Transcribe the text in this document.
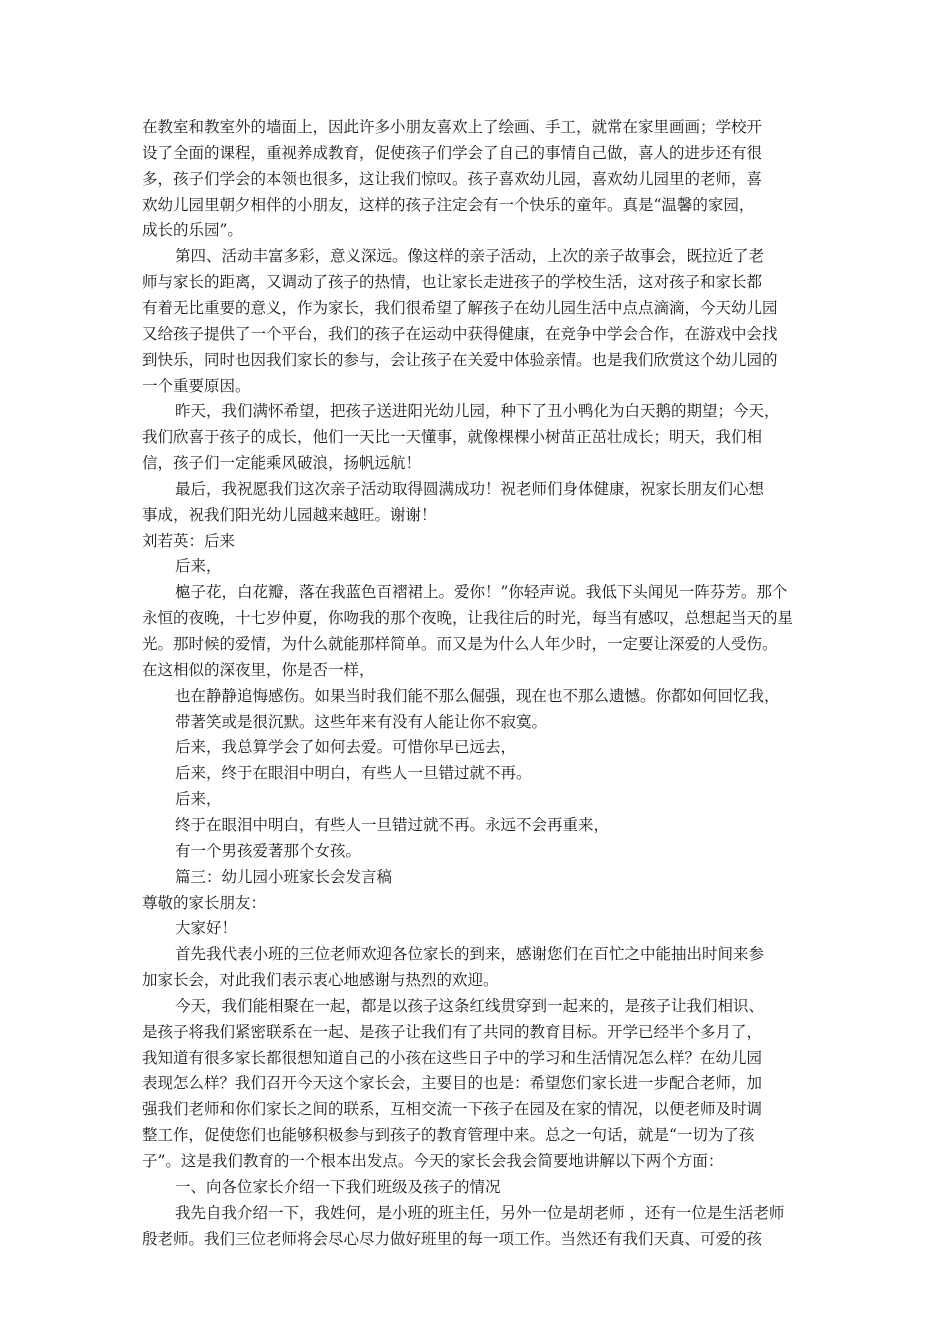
在教室和教室外的墙面上，因此许多小朋友喜欢上了绘画、手工，就常在家里画画；学校开
设了全面的课程，重视养成教育，促使孩子们学会了自己的事情自己做，喜人的进步还有很
多，孩子们学会的本领也很多，这让我们惊叹。孩子喜欢幼儿园，喜欢幼儿园里的老师，喜
欢幼儿园里朝夕相伴的小朋友，这样的孩子注定会有一个快乐的童年。真是“温馨的家园，
成长的乐园”。
第四、活动丰富多彩，意义深远。像这样的亲子活动，上次的亲子故事会，既拉近了老
师与家长的距离，又调动了孩子的热情，也让家长走进孩子的学校生活，这对孩子和家长都
有着无比重要的意义，作为家长，我们很希望了解孩子在幼儿园生活中点点滴滴，今天幼儿园
又给孩子提供了一个平台，我们的孩子在运动中获得健康，在竞争中学会合作，在游戏中会找
到快乐，同时也因我们家长的参与，会让孩子在关爱中体验亲情。也是我们欣赏这个幼儿园的
一个重要原因。
昨天，我们满怀希望，把孩子送进阳光幼儿园，种下了丑小鸭化为白天鹅的期望；今天，
我们欣喜于孩子的成长，他们一天比一天懂事，就像棵棵小树苗正茁壮成长；明天，我们相
信，孩子们一定能乘风破浪，扬帆远航！
最后，我祝愿我们这次亲子活动取得圆满成功！祝老师们身体健康，祝家长朋友们心想
事成，祝我们阳光幼儿园越来越旺。谢谢！
刘若英：后来
后来，
槴子花，白花瓣，落在我蓝色百褶裙上。爱你！”你轻声说。我低下头闻见一阵芬芳。那个
永恒的夜晚，十七岁仲夏，你吻我的那个夜晚，让我往后的时光，每当有感叹，总想起当天的星
光。那时候的爱情，为什么就能那样简单。而又是为什么人年少时，一定要让深爱的人受伤。
在这相似的深夜里，你是否一样，
也在静静追悔感伤。如果当时我们能不那么倔强，现在也不那么遗憾。你都如何回忆我，
带著笑或是很沉默。这些年来有没有人能让你不寂寞。
后来，我总算学会了如何去爱。可惜你早已远去，
后来，终于在眼泪中明白，有些人一旦错过就不再。
后来，
终于在眼泪中明白，有些人一旦错过就不再。永远不会再重来，
有一个男孩爱著那个女孩。
篇三：幼儿园小班家长会发言稿
尊敬的家长朋友：
大家好！
首先我代表小班的三位老师欢迎各位家长的到来，感谢您们在百忙之中能抽出时间来参
加家长会，对此我们表示衷心地感谢与热烈的欢迎。
今天，我们能相聚在一起，都是以孩子这条红线贯穿到一起来的，是孩子让我们相识、
是孩子将我们紧密联系在一起、是孩子让我们有了共同的教育目标。开学已经半个多月了，
我知道有很多家长都很想知道自己的小孩在这些日子中的学习和生活情况怎么样？在幼儿园
表现怎么样？我们召开今天这个家长会，主要目的也是：希望您们家长进一步配合老师，加
强我们老师和你们家长之间的联系，互相交流一下孩子在园及在家的情况，以便老师及时调
整工作，促使您们也能够积极参与到孩子的教育管理中来。总之一句话，就是“一切为了孩
子”。这是我们教育的一个根本出发点。今天的家长会我会简要地讲解以下两个方面：
一、向各位家长介绍一下我们班级及孩子的情况
我先自我介绍一下，我姓何，是小班的班主任，另外一位是胡老师 ，还有一位是生活老师
殷老师。我们三位老师将会尽心尽力做好班里的每一项工作。当然还有我们天真、可爱的孩
